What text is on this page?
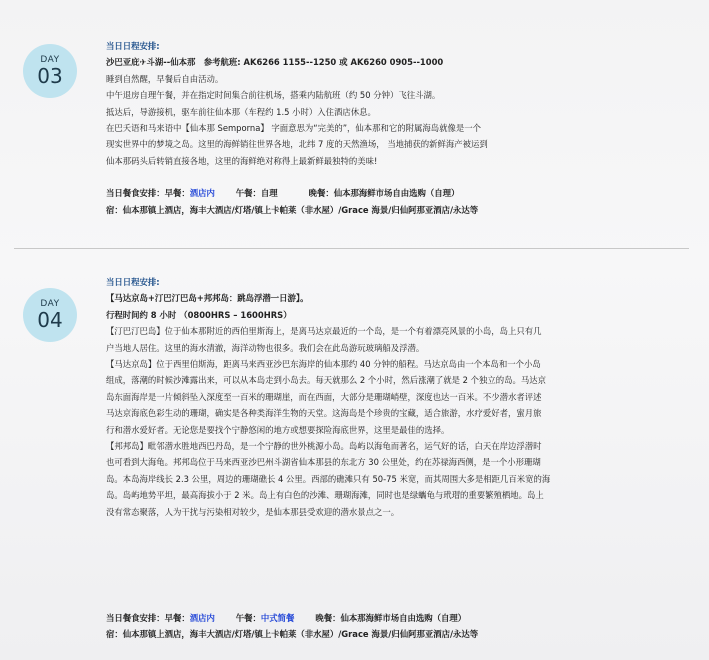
DAY
03
当日日程安排:
沙巴亚庇✈斗湖--仙本那　参考航班: AK6266 1155--1250 或 AK6260 0905--1000
睡到自然醒，早餐后自由活动。
中午退房自理午餐，并在指定时间集合前往机场，搭乘内陆航班（约 50 分钟）飞往斗湖。
抵达后，导游接机，驱车前往仙本那（车程约 1.5 小时）入住酒店休息。
在巴夭语和马来语中【仙本那 Semporna】 字面意思为“完美的”，仙本那和它的附属海岛就像是一个
现实世界中的梦境之岛。这里的海鲜销往世界各地，北纬 7 度的天然渔场， 当地捕获的新鲜海产被运到
仙本那码头后转销直接各地，这里的海鲜绝对称得上最新鲜最独特的美味!
当日餐食安排：早餐：酒店内 午餐：自理	晚餐：仙本那海鲜市场自由选购（自理）
宿：仙本那镇上酒店，海丰大酒店/灯塔/镇上卡帕莱（非水屋）/Grace 海景/归仙阿那亚酒店/永达等
DAY
04
当日日程安排:
【马达京岛+汀巴汀巴岛+邦邦岛：跳岛浮潜一日游】。
行程时间约 8 小时 （0800HRS – 1600HRS）
【汀巴汀巴岛】位于仙本那附近的西伯里斯海上，是离马达京最近的一个岛，是一个有着漂亮风景的小岛，岛上只有几
户当地人居住。这里的海水清澈，海洋动物也很多。我们会在此岛游玩玻璃船及浮潜。
【马达京岛】位于西里伯斯海，距离马来西亚沙巴东海岸的仙本那约 40 分钟的船程。马达京岛由一个本岛和一个小岛
组成，落潮的时候沙滩露出来，可以从本岛走到小岛去。每天就那么 2 个小时，然后涨潮了就是 2 个独立的岛。马达京
岛东面海岸是一片倾斜坠入深度至一百米的珊瑚崖，而在西面，大部分是珊瑚峭壁，深度也达一百米。不少潜水者评述
马达京海底色彩生动的珊瑚，确实是各种类海洋生物的天堂。这海岛是个珍贵的宝藏，适合旅游，水疗爱好者，蜜月旅
行和潜水爱好者。无论您是要找个宁静悠闲的地方或想要探险海底世界，这里是最佳的选择。
【邦邦岛】毗邻潜水胜地西巴丹岛，是一个宁静的世外桃源小岛。岛屿以海龟而著名，运气好的话，白天在岸边浮潜时
也可看到大海龟。邦邦岛位于马来西亚沙巴州斗湖省仙本那县的东北方 30 公里处，约在苏禄海西侧，是一个小形珊瑚
岛。本岛海岸线长 2.3 公里，周边的珊瑚礁长 4 公里。西部的礁滩只有 50-75 米宽，而其周围大多是相距几百米宽的海
岛。岛屿地势平坦，最高海拔小于 2 米。岛上有白色的沙滩、珊瑚海滩，同时也是绿蠵龟与玳瑁的重要繁殖栖地。岛上
没有常态聚落，人为干扰与污染相对较少，是仙本那县受欢迎的潜水景点之一。
当日餐食安排：早餐：酒店内 午餐：中式简餐 晚餐：仙本那海鲜市场自由选购（自理）
宿：仙本那镇上酒店，海丰大酒店/灯塔/镇上卡帕莱（非水屋）/Grace 海景/归仙阿那亚酒店/永达等
